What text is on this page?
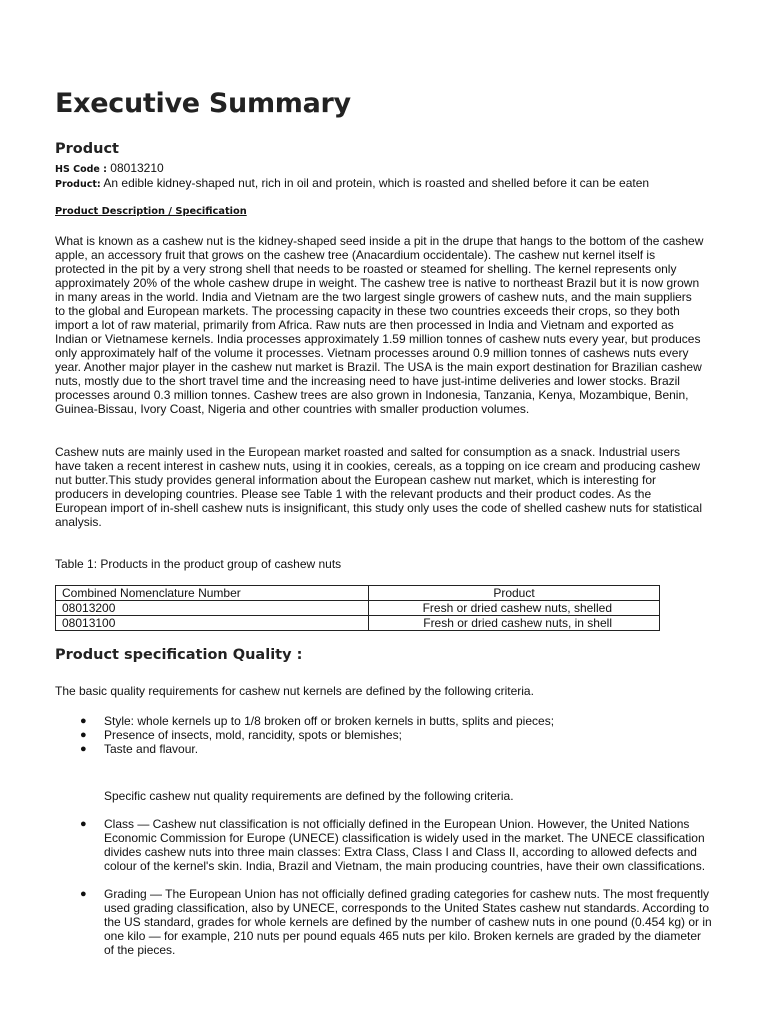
Executive Summary
Product
HS Code : 08013210
Product: An edible kidney-shaped nut, rich in oil and protein, which is roasted and shelled before it can be eaten
Product Description / Specification

What is known as a cashew nut is the kidney-shaped seed inside a pit in the drupe that hangs to the bottom of the cashew apple, an accessory fruit that grows on the cashew tree (Anacardium occidentale). The cashew nut kernel itself is protected in the pit by a very strong shell that needs to be roasted or steamed for shelling. The kernel represents only approximately 20% of the whole cashew drupe in weight. The cashew tree is native to northeast Brazil but it is now grown in many areas in the world. India and Vietnam are the two largest single growers of cashew nuts, and the main suppliers to the global and European markets. The processing capacity in these two countries exceeds their crops, so they both import a lot of raw material, primarily from Africa. Raw nuts are then processed in India and Vietnam and exported as Indian or Vietnamese kernels. India processes approximately 1.59 million tonnes of cashew nuts every year, but produces only approximately half of the volume it processes. Vietnam processes around 0.9 million tonnes of cashews nuts every year. Another major player in the cashew nut market is Brazil. The USA is the main export destination for Brazilian cashew nuts, mostly due to the short travel time and the increasing need to have just-intime deliveries and lower stocks. Brazil processes around 0.3 million tonnes. Cashew trees are also grown in Indonesia, Tanzania, Kenya, Mozambique, Benin, Guinea-Bissau, Ivory Coast, Nigeria and other countries with smaller production volumes.

Cashew nuts are mainly used in the European market roasted and salted for consumption as a snack. Industrial users have taken a recent interest in cashew nuts, using it in cookies, cereals, as a topping on ice cream and producing cashew nut butter.This study provides general information about the European cashew nut market, which is interesting for producers in developing countries. Please see Table 1 with the relevant products and their product codes. As the European import of in-shell cashew nuts is insignificant, this study only uses the code of shelled cashew nuts for statistical analysis.

Table 1: Products in the product group of cashew nuts
Combined Nomenclature Number	Product
08013200	Fresh or dried cashew nuts, shelled
08013100	Fresh or dried cashew nuts, in shell
Product specification Quality :
The basic quality requirements for cashew nut kernels are defined by the following criteria.
● Style: whole kernels up to 1/8 broken off or broken kernels in butts, splits and pieces;
● Presence of insects, mold, rancidity, spots or blemishes;
● Taste and flavour.
Specific cashew nut quality requirements are defined by the following criteria.
● Class — Cashew nut classification is not officially defined in the European Union. However, the United Nations Economic Commission for Europe (UNECE) classification is widely used in the market. The UNECE classification divides cashew nuts into three main classes: Extra Class, Class I and Class II, according to allowed defects and colour of the kernel's skin. India, Brazil and Vietnam, the main producing countries, have their own classifications.
● Grading — The European Union has not officially defined grading categories for cashew nuts. The most frequently used grading classification, also by UNECE, corresponds to the United States cashew nut standards. According to the US standard, grades for whole kernels are defined by the number of cashew nuts in one pound (0.454 kg) or in one kilo — for example, 210 nuts per pound equals 465 nuts per kilo. Broken kernels are graded by the diameter of the pieces.
